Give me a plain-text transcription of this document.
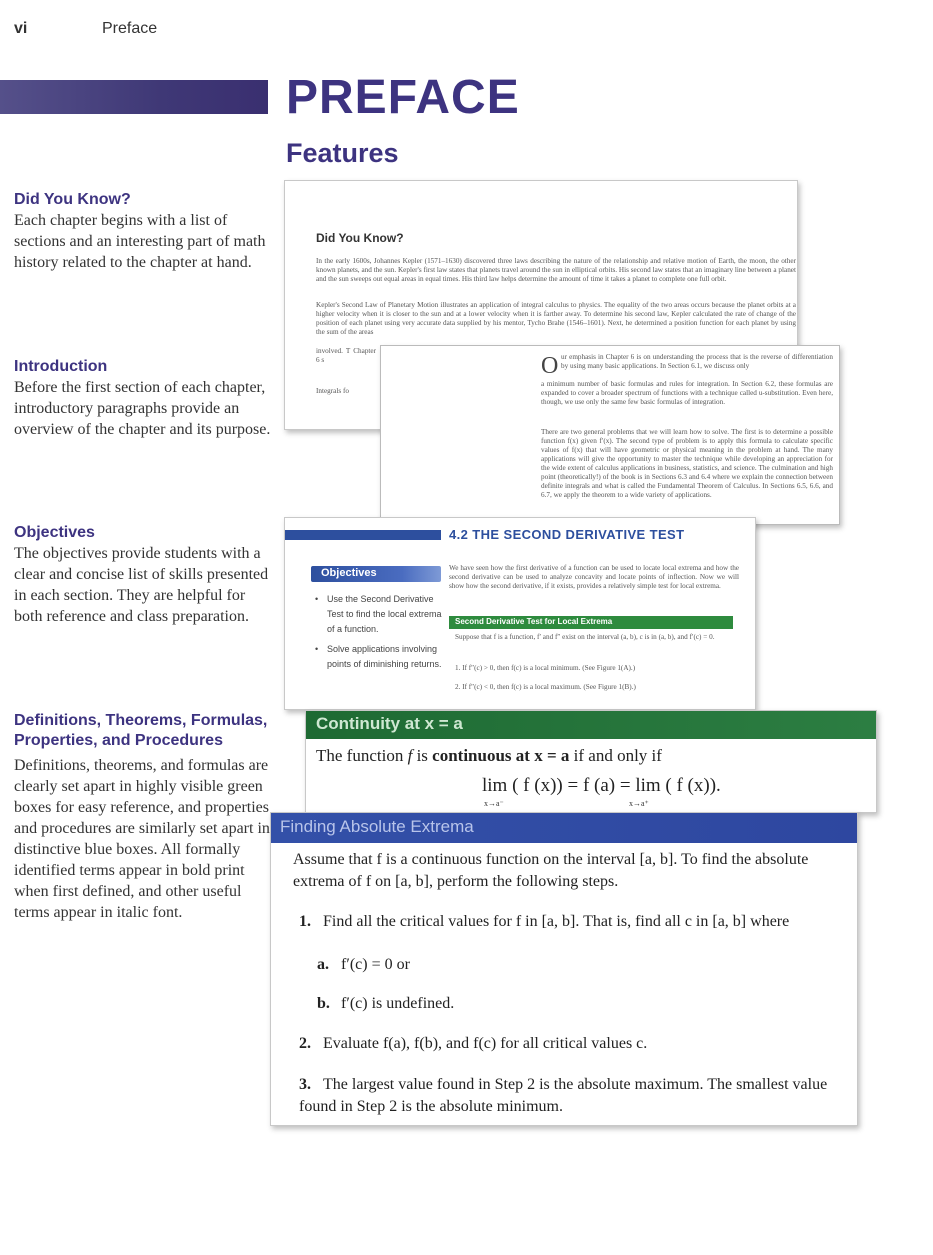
vi	Preface
PREFACE
Features
Did You Know?

Each chapter begins with a list of sections and an interesting part of math history related to the chapter at hand.

Introduction

Before the first section of each chapter, introductory paragraphs provide an overview of the chapter and its purpose.

Objectives

The objectives provide students with a clear and concise list of skills presented in each section. They are helpful for both reference and class preparation.

Definitions, Theorems, Formulas, Properties, and Procedures

Definitions, theorems, and formulas are clearly set apart in highly visible green boxes for easy reference, and properties and procedures are similarly set apart in distinctive blue boxes. All formally identified terms appear in bold print when first defined, and other useful terms appear in italic font.

Did You Know?
In the early 1600s, Johannes Kepler (1571–1630) discovered three laws describing the nature of the relationship and relative motion of Earth, the moon, the other known planets, and the sun. Kepler's first law states that planets travel around the sun in elliptical orbits. His second law states that an imaginary line between a planet and the sun sweeps out equal areas in equal times. His third law helps determine the amount of time it takes a planet to complete one full orbit.
Kepler's Second Law of Planetary Motion illustrates an application of integral calculus to physics. The equality of the two areas occurs because the planet orbits at a higher velocity when it is closer to the sun and at a lower velocity when it is farther away. To determine his second law, Kepler calculated the rate of change of the position of each planet using very accurate data supplied by his mentor, Tycho Brahe (1546–1601). Next, he determined a position function for each planet by using the sum of the areas
involved. T Chapter 6 s
Integrals fo
O ur emphasis in Chapter 6 is on understanding the process that is the reverse of differentiation by using many basic applications. In Section 6.1, we discuss only
a minimum number of basic formulas and rules for integration. In Section 6.2, these formulas are expanded to cover a broader spectrum of functions with a technique called u-substitution. Even here, though, we use only the same few basic formulas of integration.
There are two general problems that we will learn how to solve. The first is to determine a possible function f(x) given f′(x). The second type of problem is to apply this formula to calculate specific values of f(x) that will have geometric or physical meaning in the problem at hand. The many applications will give the opportunity to master the technique while developing an appreciation for the wide extent of calculus applications in business, statistics, and science. The culmination and high point (theoretically!) of the book is in Sections 6.3 and 6.4 where we explain the connection between definite integrals and what is called the Fundamental Theorem of Calculus. In Sections 6.5, 6.6, and 6.7, we apply the theorem to a wide variety of applications.
4.2 THE SECOND DERIVATIVE TEST
Objectives
• Use the Second Derivative Test to find the local extrema of a function.
• Solve applications involving points of diminishing returns.
We have seen how the first derivative of a function can be used to locate local extrema and how the second derivative can be used to analyze concavity and locate points of inflection. Now we will show how the second derivative, if it exists, provides a relatively simple test for local extrema.
Second Derivative Test for Local Extrema
Suppose that f is a function, f′ and f″ exist on the interval (a, b), c is in (a, b), and f′(c) = 0.
1. If f″(c) > 0, then f(c) is a local minimum. (See Figure 1(A).)
2. If f″(c) < 0, then f(c) is a local maximum. (See Figure 1(B).)
Continuity at x = a
The function f is continuous at x = a if and only if
lim ( f (x)) = f (a) = lim ( f (x)).
x→a⁻	x→a⁺
Finding Absolute Extrema
Assume that f is a continuous function on the interval [a, b]. To find the absolute extrema of f on [a, b], perform the following steps.
1. Find all the critical values for f in [a, b]. That is, find all c in [a, b] where
a. f′(c) = 0 or
b. f′(c) is undefined.
2. Evaluate f(a), f(b), and f(c) for all critical values c.
3. The largest value found in Step 2 is the absolute maximum. The smallest value found in Step 2 is the absolute minimum.
